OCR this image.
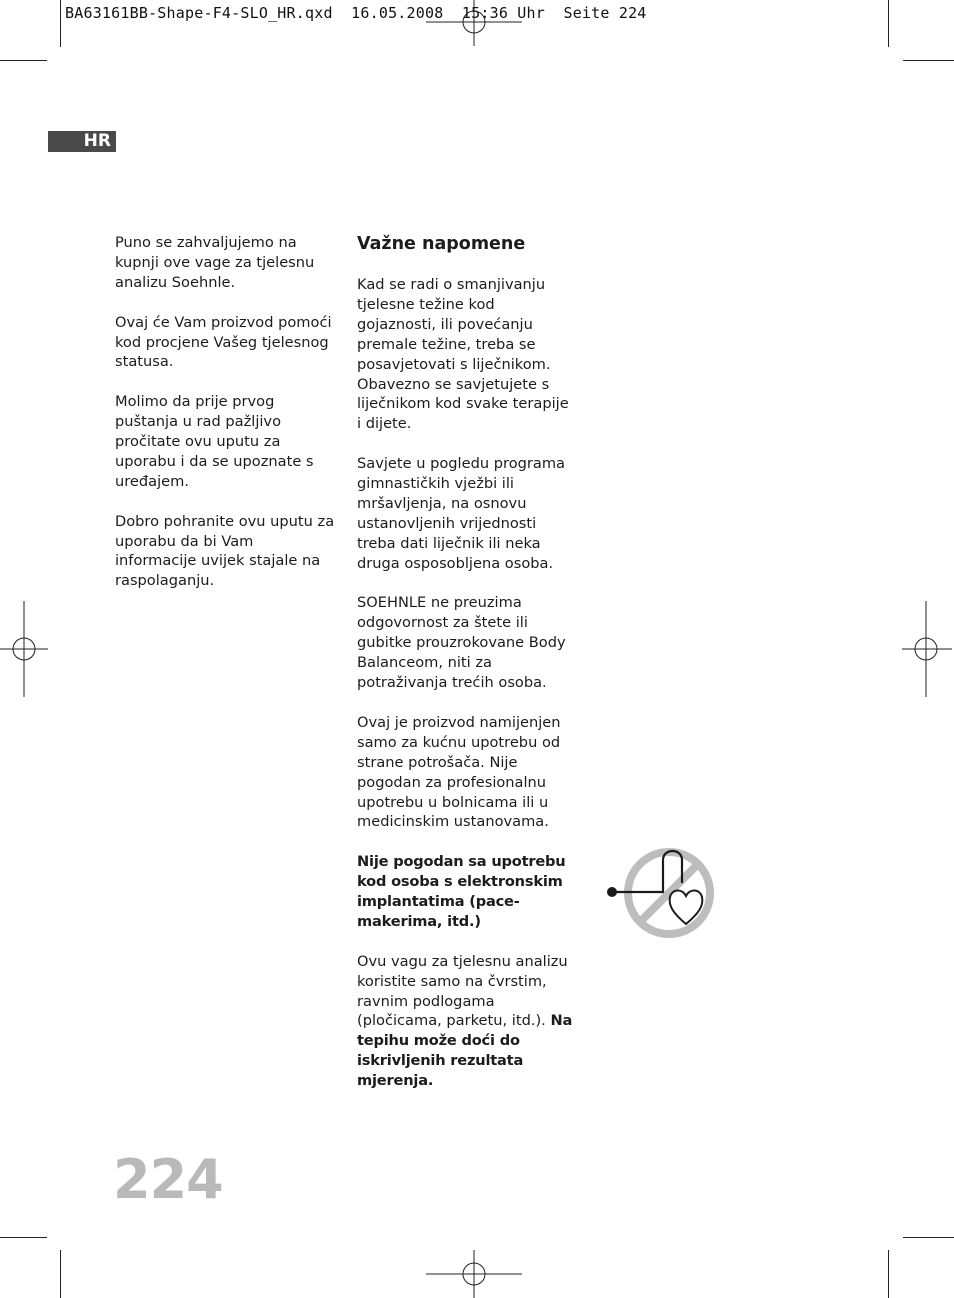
BA63161BB-Shape-F4-SLO_HR.qxd  16.05.2008  15:36 Uhr  Seite 224
HR

Puno se zahvaljujemo na kupnji ove vage za tjelesnu analizu Soehnle.

Ovaj će Vam proizvod pomoći kod procjene Vašeg tjelesnog statusa.

Molimo da prije prvog puštanja u rad pažljivo pročitate ovu uputu za uporabu i da se upoznate s uređajem.

Dobro pohranite ovu uputu za uporabu da bi Vam informacije uvijek stajale na raspolaganju.

Važne napomene

Kad se radi o smanjivanju tjelesne težine kod gojaznosti, ili povećanju premale težine, treba se posavjetovati s liječnikom. Obavezno se savjetujete s liječnikom kod svake terapije i dijete.

Savjete u pogledu programa gimnastičkih vježbi ili mršavljenja, na osnovu ustanovljenih vrijednosti treba dati liječnik ili neka druga osposobljena osoba.

SOEHNLE ne preuzima odgovornost za štete ili gubitke prouzrokovane Body Balanceom, niti za potraživanja trećih osoba.

Ovaj je proizvod namijenjen samo za kućnu upotrebu od strane potrošača. Nije pogodan za profesionalnu upotrebu u bolnicama ili u medicinskim ustanovama.

Nije pogodan sa upotrebu kod osoba s elektronskim implantatima (pace-makerima, itd.)

Ovu vagu za tjelesnu analizu koristite samo na čvrstim, ravnim podlogama (pločicama, parketu, itd.). Na tepihu može doći do iskrivljenih rezultata mjerenja.

224
